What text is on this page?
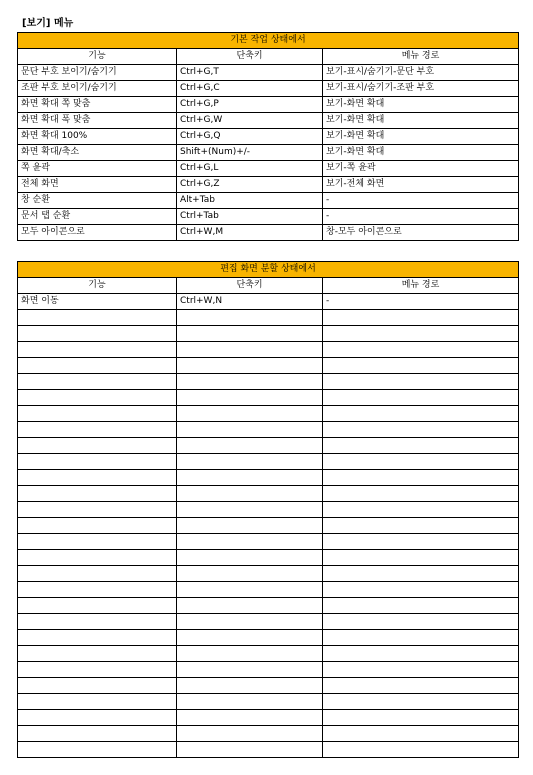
[보기] 메뉴
기본 작업 상태에서		
기능	단축키	메뉴 경로
문단 부호 보이기/숨기기	Ctrl+G,T	보기-표시/숨기기-문단 부호
조판 부호 보이기/숨기기	Ctrl+G,C	보기-표시/숨기기-조판 부호
화면 확대 쪽 맞춤	Ctrl+G,P	보기-화면 확대
화면 확대 폭 맞춤	Ctrl+G,W	보기-화면 확대
화면 확대 100%	Ctrl+G,Q	보기-화면 확대
화면 확대/축소	Shift+(Num)+/-	보기-화면 확대
쪽 윤곽	Ctrl+G,L	보기-쪽 윤곽
전체 화면	Ctrl+G,Z	보기-전체 화면
창 순환	Alt+Tab	-
문서 탭 순환	Ctrl+Tab	-
모두 아이콘으로	Ctrl+W,M	창-모두 아이콘으로
편집 화면 분할 상태에서		
기능	단축키	메뉴 경로
화면 이동	Ctrl+W,N	-
